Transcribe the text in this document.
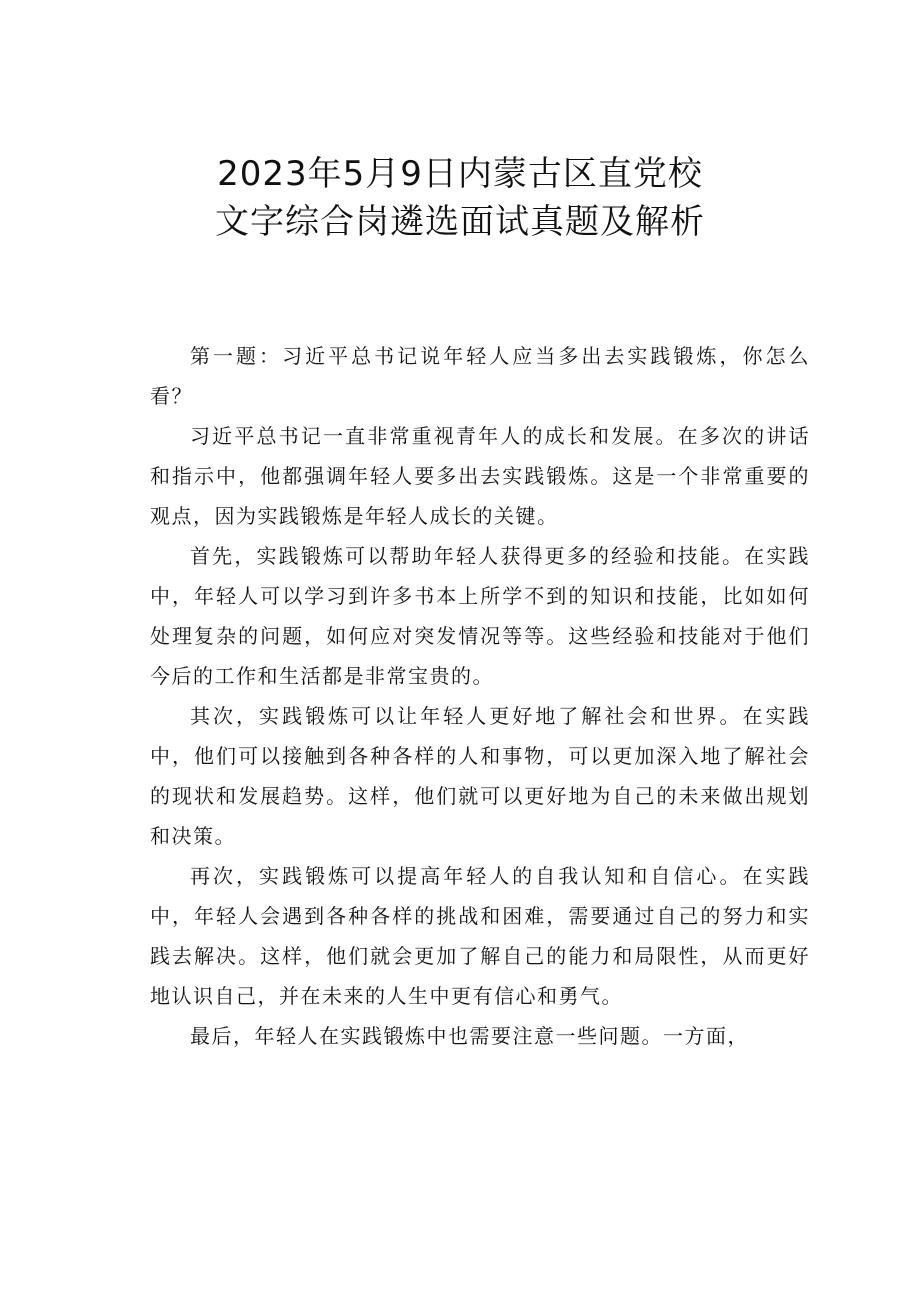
2023年5月9日内蒙古区直党校
文字综合岗遴选面试真题及解析

第一题：习近平总书记说年轻人应当多出去实践锻炼，你怎么看？

习近平总书记一直非常重视青年人的成长和发展。在多次的讲话和指示中，他都强调年轻人要多出去实践锻炼。这是一个非常重要的观点，因为实践锻炼是年轻人成长的关键。

首先，实践锻炼可以帮助年轻人获得更多的经验和技能。在实践中，年轻人可以学习到许多书本上所学不到的知识和技能，比如如何处理复杂的问题，如何应对突发情况等等。这些经验和技能对于他们今后的工作和生活都是非常宝贵的。

其次，实践锻炼可以让年轻人更好地了解社会和世界。在实践中，他们可以接触到各种各样的人和事物，可以更加深入地了解社会的现状和发展趋势。这样，他们就可以更好地为自己的未来做出规划和决策。

再次，实践锻炼可以提高年轻人的自我认知和自信心。在实践中，年轻人会遇到各种各样的挑战和困难，需要通过自己的努力和实践去解决。这样，他们就会更加了解自己的能力和局限性，从而更好地认识自己，并在未来的人生中更有信心和勇气。

最后，年轻人在实践锻炼中也需要注意一些问题。一方面，
